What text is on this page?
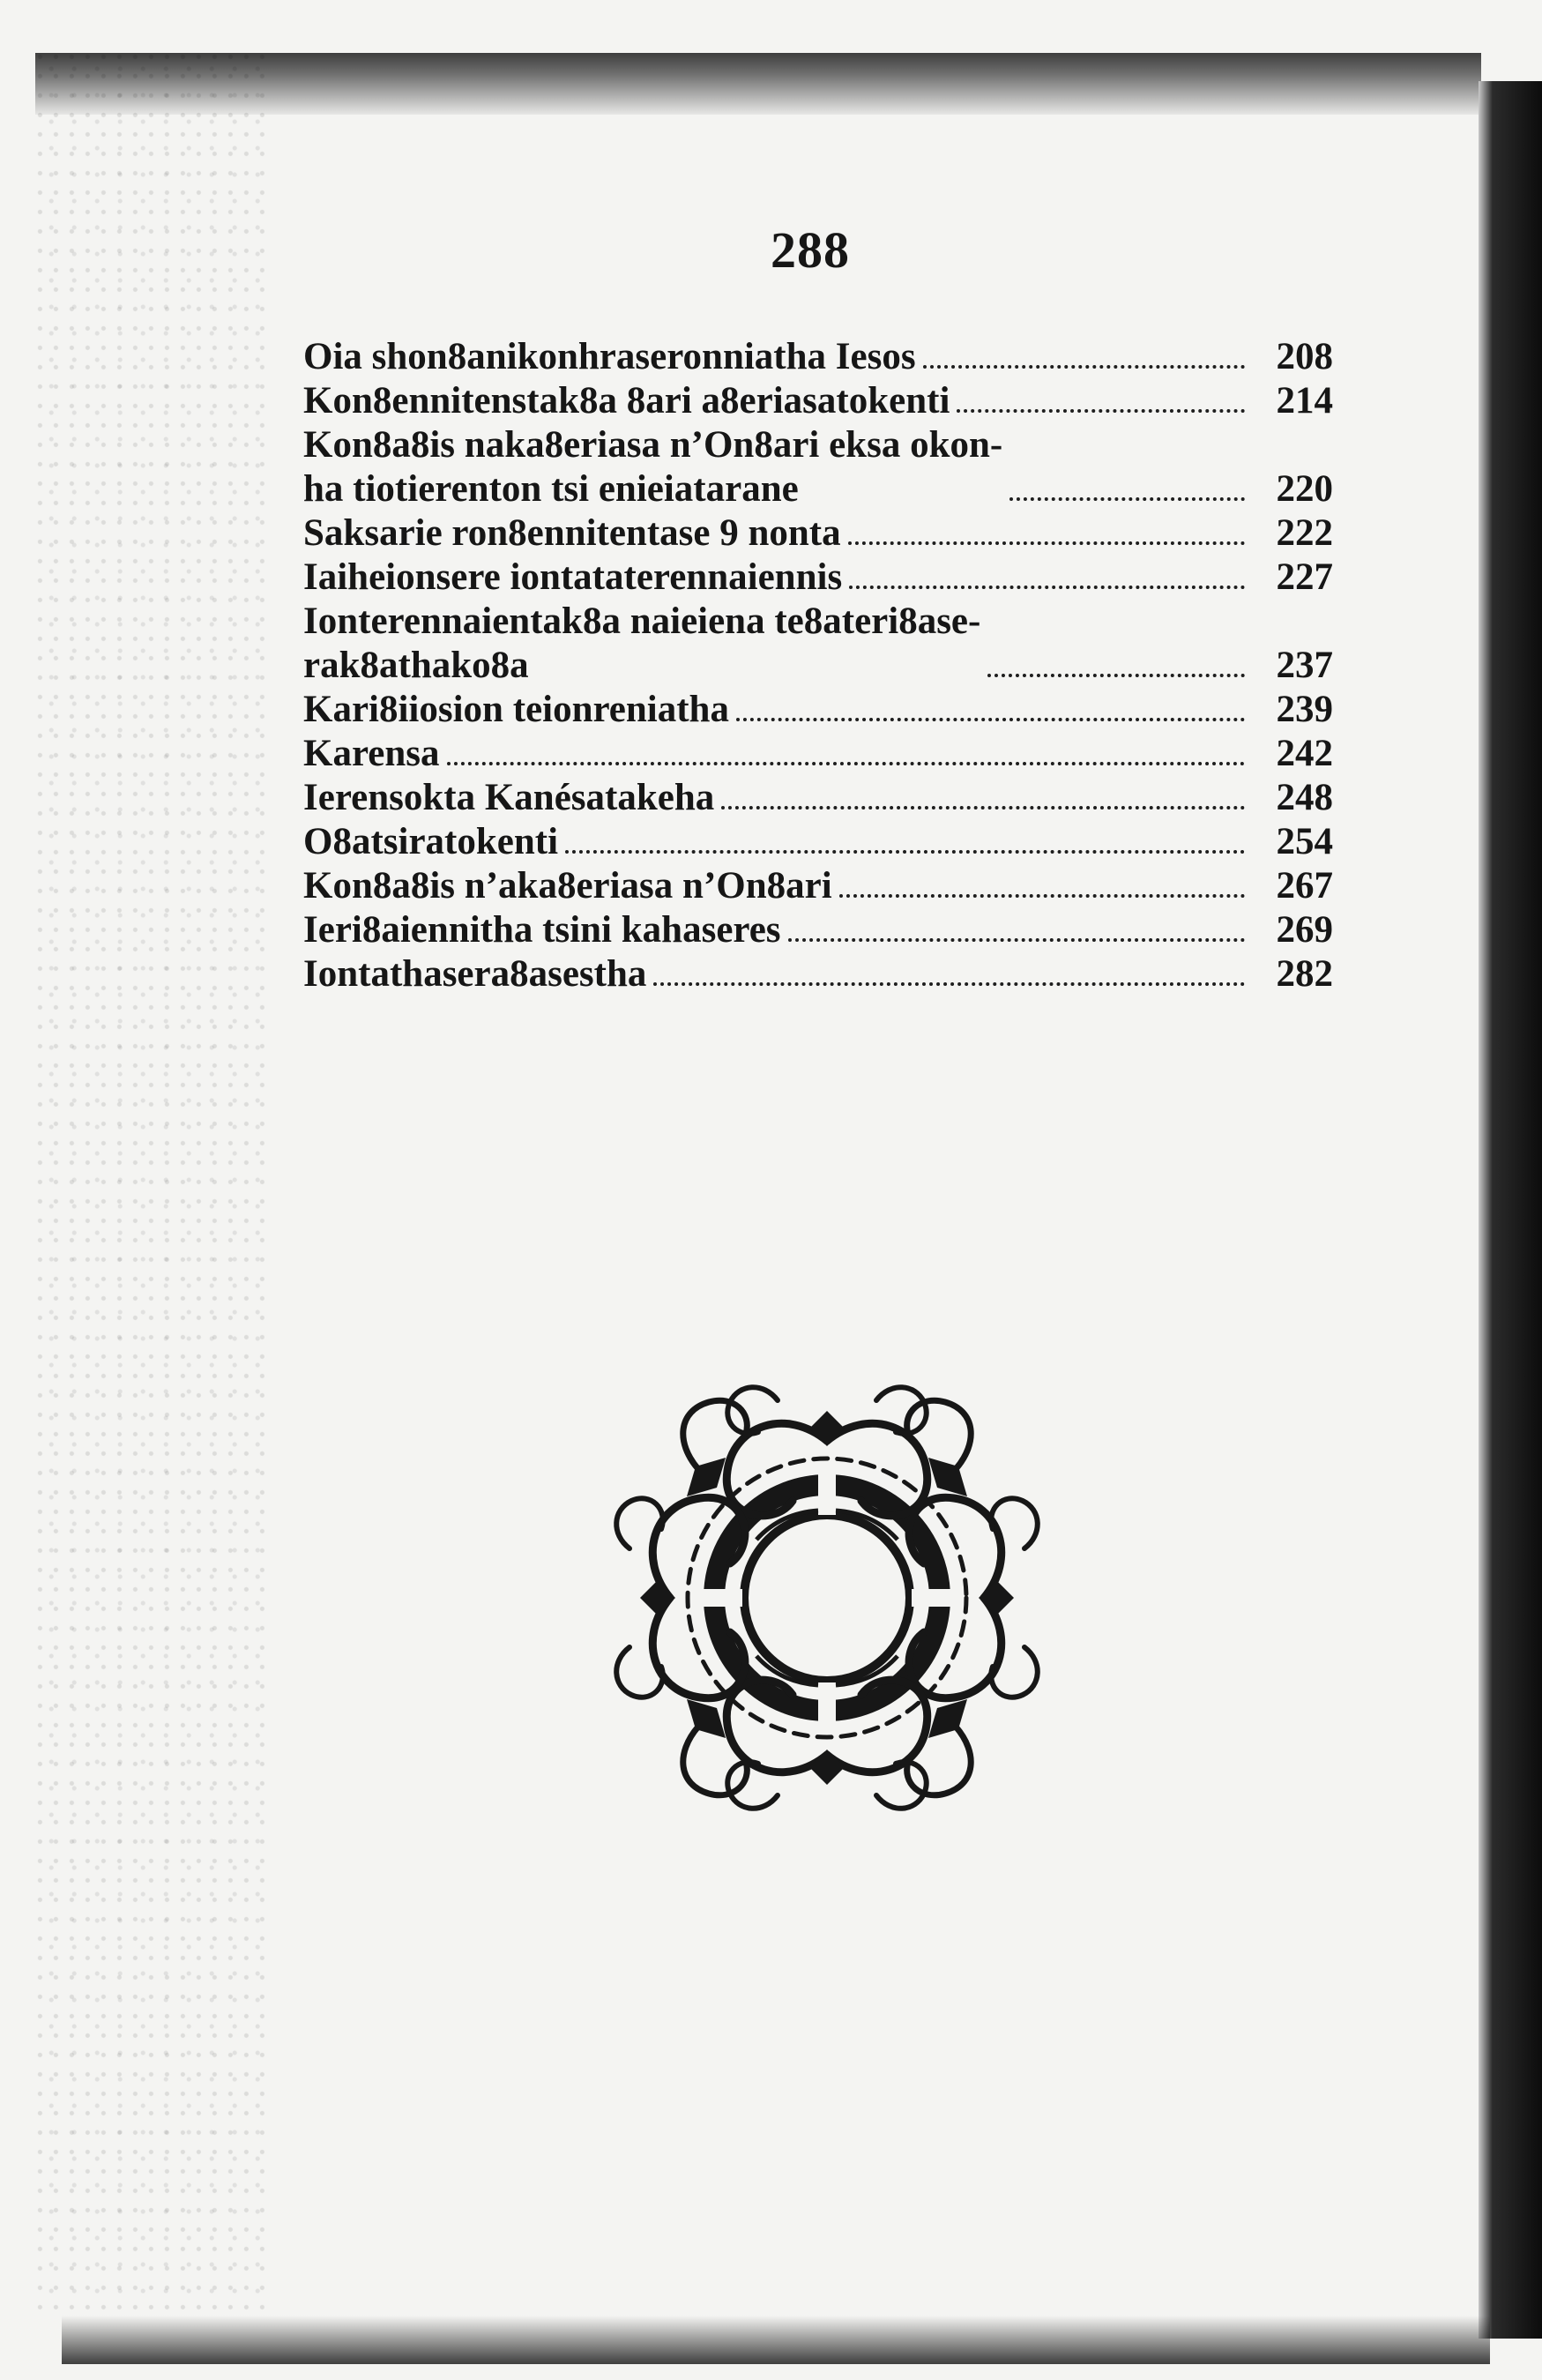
288
Oia shon8anikonhraseronniatha Iesos	208
Kon8ennitenstak8a 8ari a8eriasatokenti	214
Kon8a8is naka8eriasa n’On8ari eksa okon-
ha tiotierenton tsi enieiatarane	220
Saksarie ron8ennitentase 9 nonta	222
Iaiheionsere iontataterennaiennis	227
Ionterennaientak8a naieiena te8ateri8ase-
rak8athako8a	237
Kari8iiosion teionreniatha	239
Karensa	242
Ierensokta Kanésatakeha	248
O8atsiratokenti	254
Kon8a8is n’aka8eriasa n’On8ari	267
Ieri8aiennitha tsini kahaseres	269
Iontathasera8asestha	282
